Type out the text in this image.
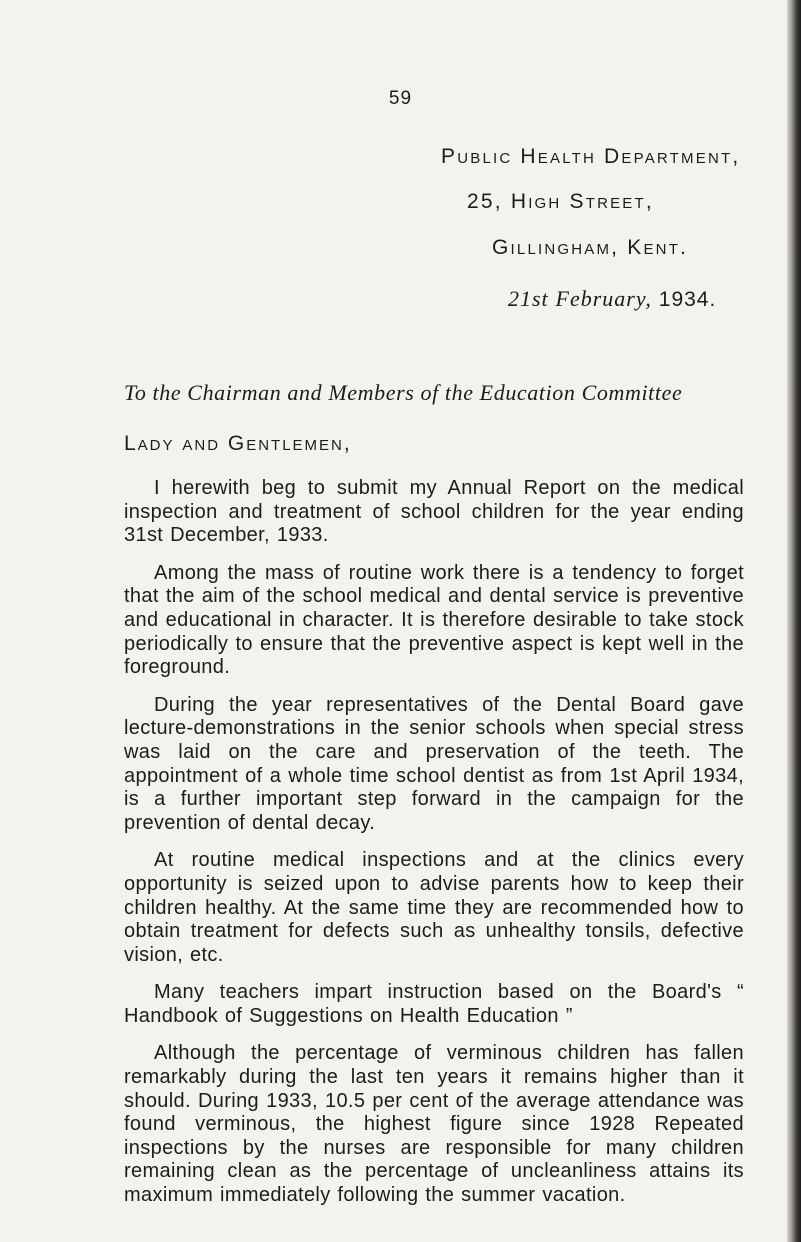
59
Public Health Department,
25, High Street,
Gillingham, Kent.
21st February, 1934.
To the Chairman and Members of the Education Committee
Lady and Gentlemen,

I herewith beg to submit my Annual Report on the medical inspection and treatment of school children for the year ending 31st December, 1933.

Among the mass of routine work there is a tendency to forget that the aim of the school medical and dental service is preventive and educational in character. It is therefore desirable to take stock periodically to ensure that the preventive aspect is kept well in the foreground.

During the year representatives of the Dental Board gave lecture-demonstrations in the senior schools when special stress was laid on the care and preservation of the teeth. The appointment of a whole time school dentist as from 1st April 1934, is a further important step forward in the campaign for the prevention of dental decay.

At routine medical inspections and at the clinics every opportunity is seized upon to advise parents how to keep their children healthy. At the same time they are recommended how to obtain treatment for defects such as unhealthy tonsils, defective vision, etc.

Many teachers impart instruction based on the Board's “ Handbook of Suggestions on Health Education ”

Although the percentage of verminous children has fallen remarkably during the last ten years it remains higher than it should. During 1933, 10.5 per cent of the average attendance was found verminous, the highest figure since 1928 Repeated inspections by the nurses are responsible for many children remaining clean as the percentage of uncleanliness attains its maximum immediately following the summer vacation.
